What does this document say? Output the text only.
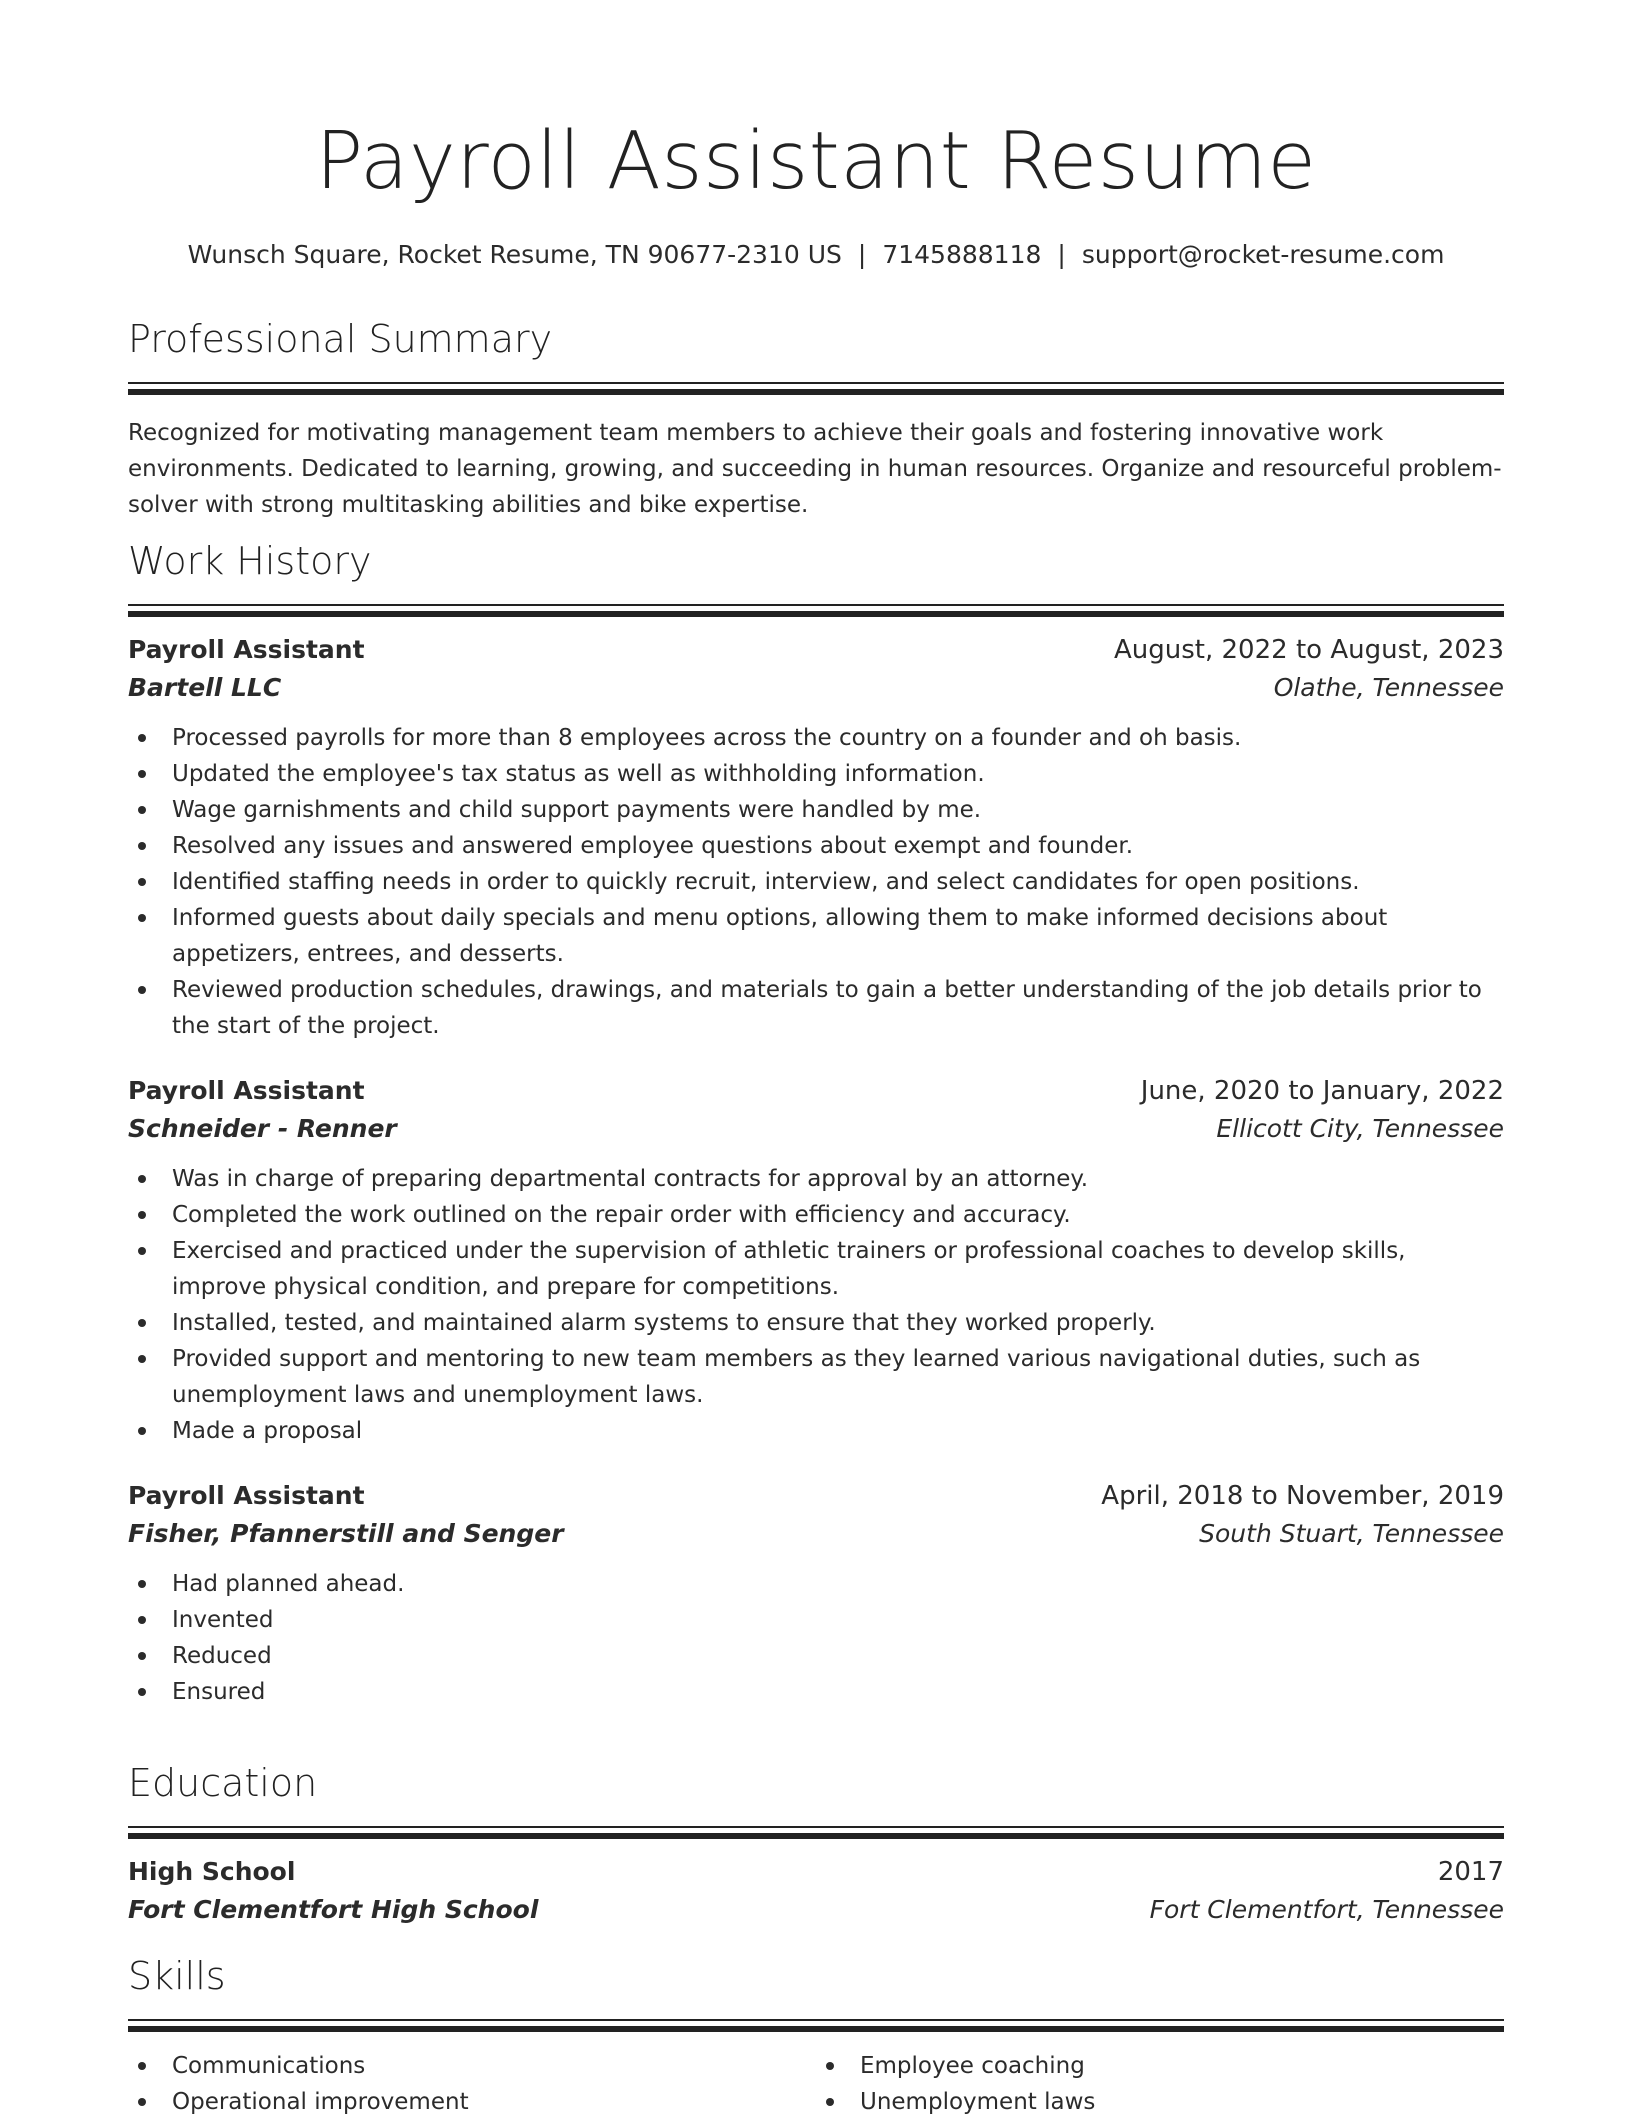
Payroll Assistant Resume
Wunsch Square, Rocket Resume, TN 90677-2310 US | 7145888118 | support@rocket-resume.com
Professional Summary
Recognized for motivating management team members to achieve their goals and fostering innovative work environments. Dedicated to learning, growing, and succeeding in human resources. Organize and resourceful problem-solver with strong multitasking abilities and bike expertise.
Work History
Payroll Assistant	August, 2022 to August, 2023
Bartell LLC	Olathe, Tennessee
Processed payrolls for more than 8 employees across the country on a founder and oh basis.
Updated the employee's tax status as well as withholding information.
Wage garnishments and child support payments were handled by me.
Resolved any issues and answered employee questions about exempt and founder.
Identified staffing needs in order to quickly recruit, interview, and select candidates for open positions.
Informed guests about daily specials and menu options, allowing them to make informed decisions about appetizers, entrees, and desserts.
Reviewed production schedules, drawings, and materials to gain a better understanding of the job details prior to the start of the project.
Payroll Assistant	June, 2020 to January, 2022
Schneider - Renner	Ellicott City, Tennessee
Was in charge of preparing departmental contracts for approval by an attorney.
Completed the work outlined on the repair order with efficiency and accuracy.
Exercised and practiced under the supervision of athletic trainers or professional coaches to develop skills, improve physical condition, and prepare for competitions.
Installed, tested, and maintained alarm systems to ensure that they worked properly.
Provided support and mentoring to new team members as they learned various navigational duties, such as unemployment laws and unemployment laws.
Made a proposal
Payroll Assistant	April, 2018 to November, 2019
Fisher, Pfannerstill and Senger	South Stuart, Tennessee
Had planned ahead.
Invented
Reduced
Ensured
Education
High School	2017
Fort Clementfort High School	Fort Clementfort, Tennessee
Skills
Communications
Operational improvement
Employee coaching
Unemployment laws
